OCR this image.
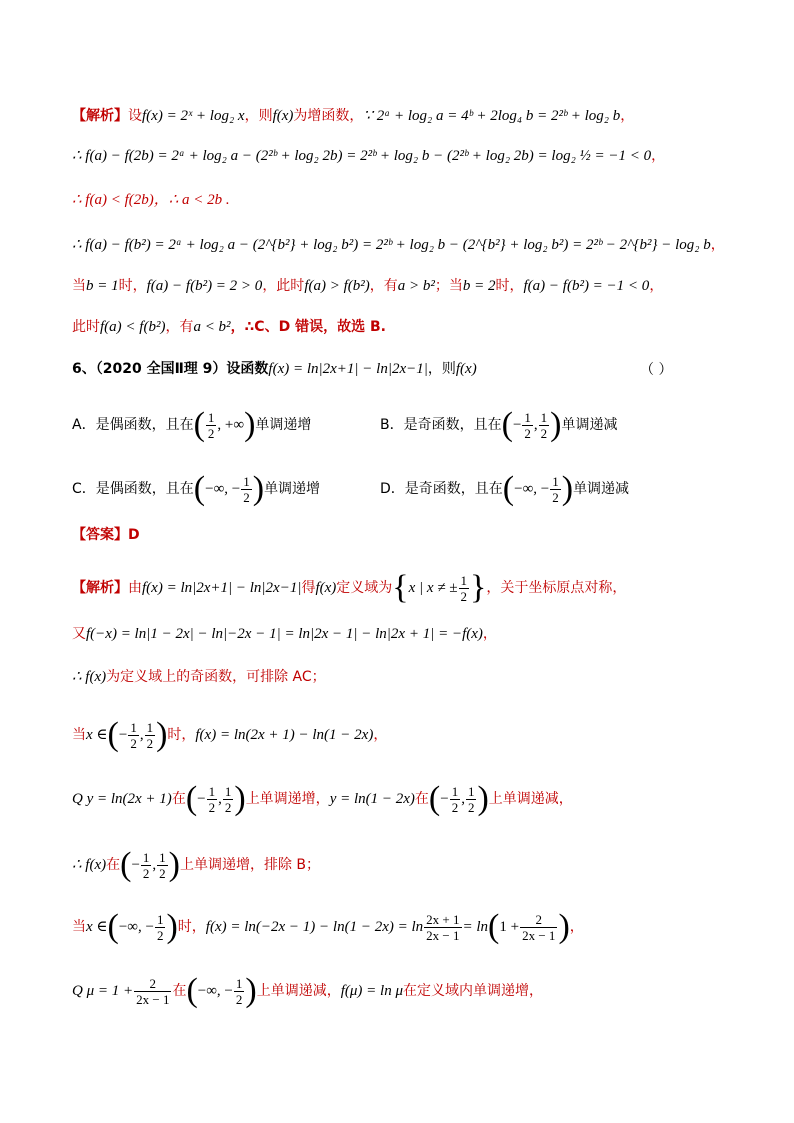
【解析】设f(x) = 2ˣ + log₂ x，则f(x)为增函数，∵ 2ᵃ + log₂ a = 4ᵇ + 2log₄ b = 2²ᵇ + log₂ b，
∴ f(a) − f(2b) = 2ᵃ + log₂ a − (2²ᵇ + log₂ 2b) = 2²ᵇ + log₂ b − (2²ᵇ + log₂ 2b) = log₂ ½ = −1 < 0，
∴ f(a) < f(2b)，∴ a < 2b .
∴ f(a) − f(b²) = 2ᵃ + log₂ a − (2^{b²} + log₂ b²) = 2²ᵇ + log₂ b − (2^{b²} + log₂ b²) = 2²ᵇ − 2^{b²} − log₂ b，
当b = 1时，f(a) − f(b²) = 2 > 0，此时f(a) > f(b²)，有a > b²；当b = 2时，f(a) − f(b²) = −1 < 0，
此时f(a) < f(b²)，有a < b²，∴C、D 错误，故选 B.
6、（2020 全国Ⅱ理 9）设函数f(x) = ln|2x+1| − ln|2x−1|，则f(x)	（ ）
A．是偶函数，且在( $\frac{1}{2}$ , +∞)单调递增	B．是奇函数，且在(− $\frac{1}{2}$ , $\frac{1}{2}$ )单调递减
C．是偶函数，且在(−∞, − $\frac{1}{2}$ )单调递增	D．是奇函数，且在(−∞, − $\frac{1}{2}$ )单调递减
【答案】D
【解析】由f(x) = ln|2x+1| − ln|2x−1|得f(x)定义域为{x | x ≠ ± $\frac{1}{2}$ }，关于坐标原点对称，
又f(−x) = ln|1 − 2x| − ln|−2x − 1| = ln|2x − 1| − ln|2x + 1| = −f(x)，
∴ f(x)为定义域上的奇函数，可排除 AC；
当x ∈(− $\frac{1}{2}$ , $\frac{1}{2}$ )时，f(x) = ln(2x + 1) − ln(1 − 2x)，
Q y = ln(2x + 1)在(− $\frac{1}{2}$ , $\frac{1}{2}$ )上单调递增，y = ln(1 − 2x)在(− $\frac{1}{2}$ , $\frac{1}{2}$ )上单调递减，
∴ f(x)在(− $\frac{1}{2}$ , $\frac{1}{2}$ )上单调递增，排除 B；
当x ∈(−∞, − $\frac{1}{2}$ )时，$f(x) = \ln(-2x - 1) - \ln(1 - 2x) = \ln \frac{2x + 1}{2x - 1} = \ln(1 + \frac{2}{2x - 1}$ )，
Q $\mu = 1 + \frac{2}{2x - 1}$ 在(−∞, − $\frac{1}{2}$ )上单调递减，f(μ) = ln μ在定义域内单调递增，
